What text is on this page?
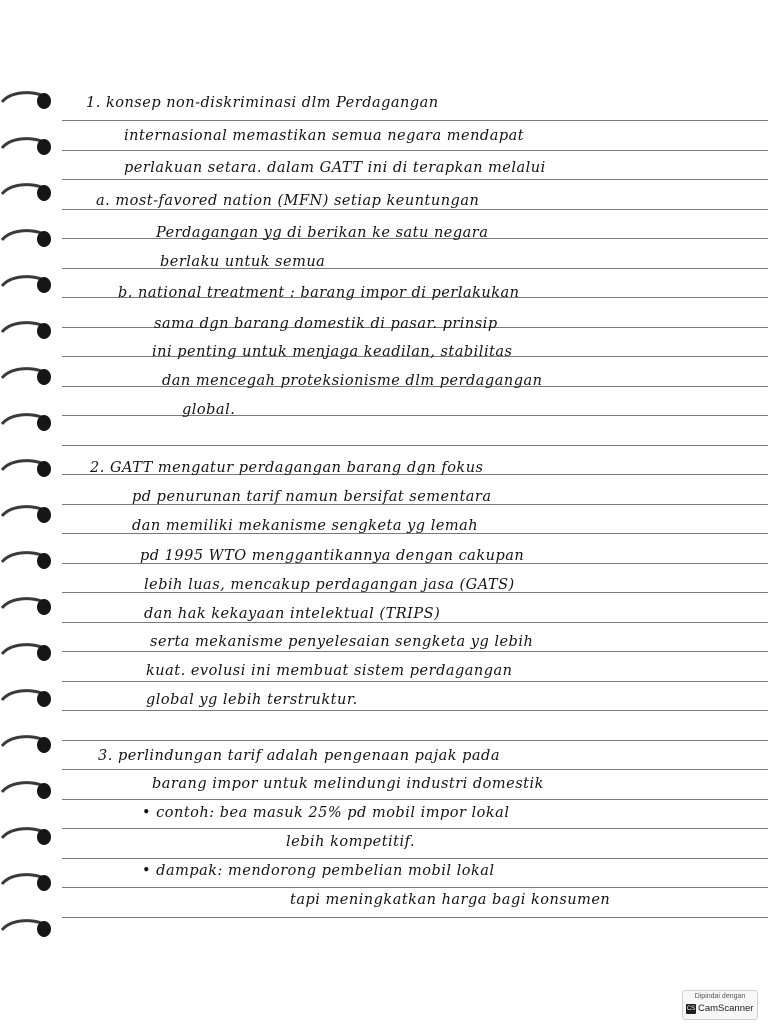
1. konsep non-diskriminasi dlm Perdagangan
internasional memastikan semua negara mendapat
perlakuan setara. dalam GATT ini di terapkan melalui
a. most-favored nation (MFN) setiap keuntungan
Perdagangan yg di berikan ke satu negara
berlaku untuk semua
b. national treatment : barang impor di perlakukan
sama dgn barang domestik di pasar. prinsip
ini penting untuk menjaga keadilan, stabilitas
dan mencegah proteksionisme dlm perdagangan
global.
2. GATT mengatur perdagangan barang dgn fokus
pd penurunan tarif namun bersifat sementara
dan memiliki mekanisme sengketa yg lemah
pd 1995 WTO menggantikannya dengan cakupan
lebih luas, mencakup perdagangan jasa (GATS)
dan hak kekayaan intelektual (TRIPS)
serta mekanisme penyelesaian sengketa yg lebih
kuat. evolusi ini membuat sistem perdagangan
global yg lebih terstruktur.
3. perlindungan tarif adalah pengenaan pajak pada
barang impor untuk melindungi industri domestik
• contoh: bea masuk 25% pd mobil impor lokal
lebih kompetitif.
• dampak: mendorong pembelian mobil lokal
tapi meningkatkan harga bagi konsumen
Dipindai dengan
CS CamScanner
